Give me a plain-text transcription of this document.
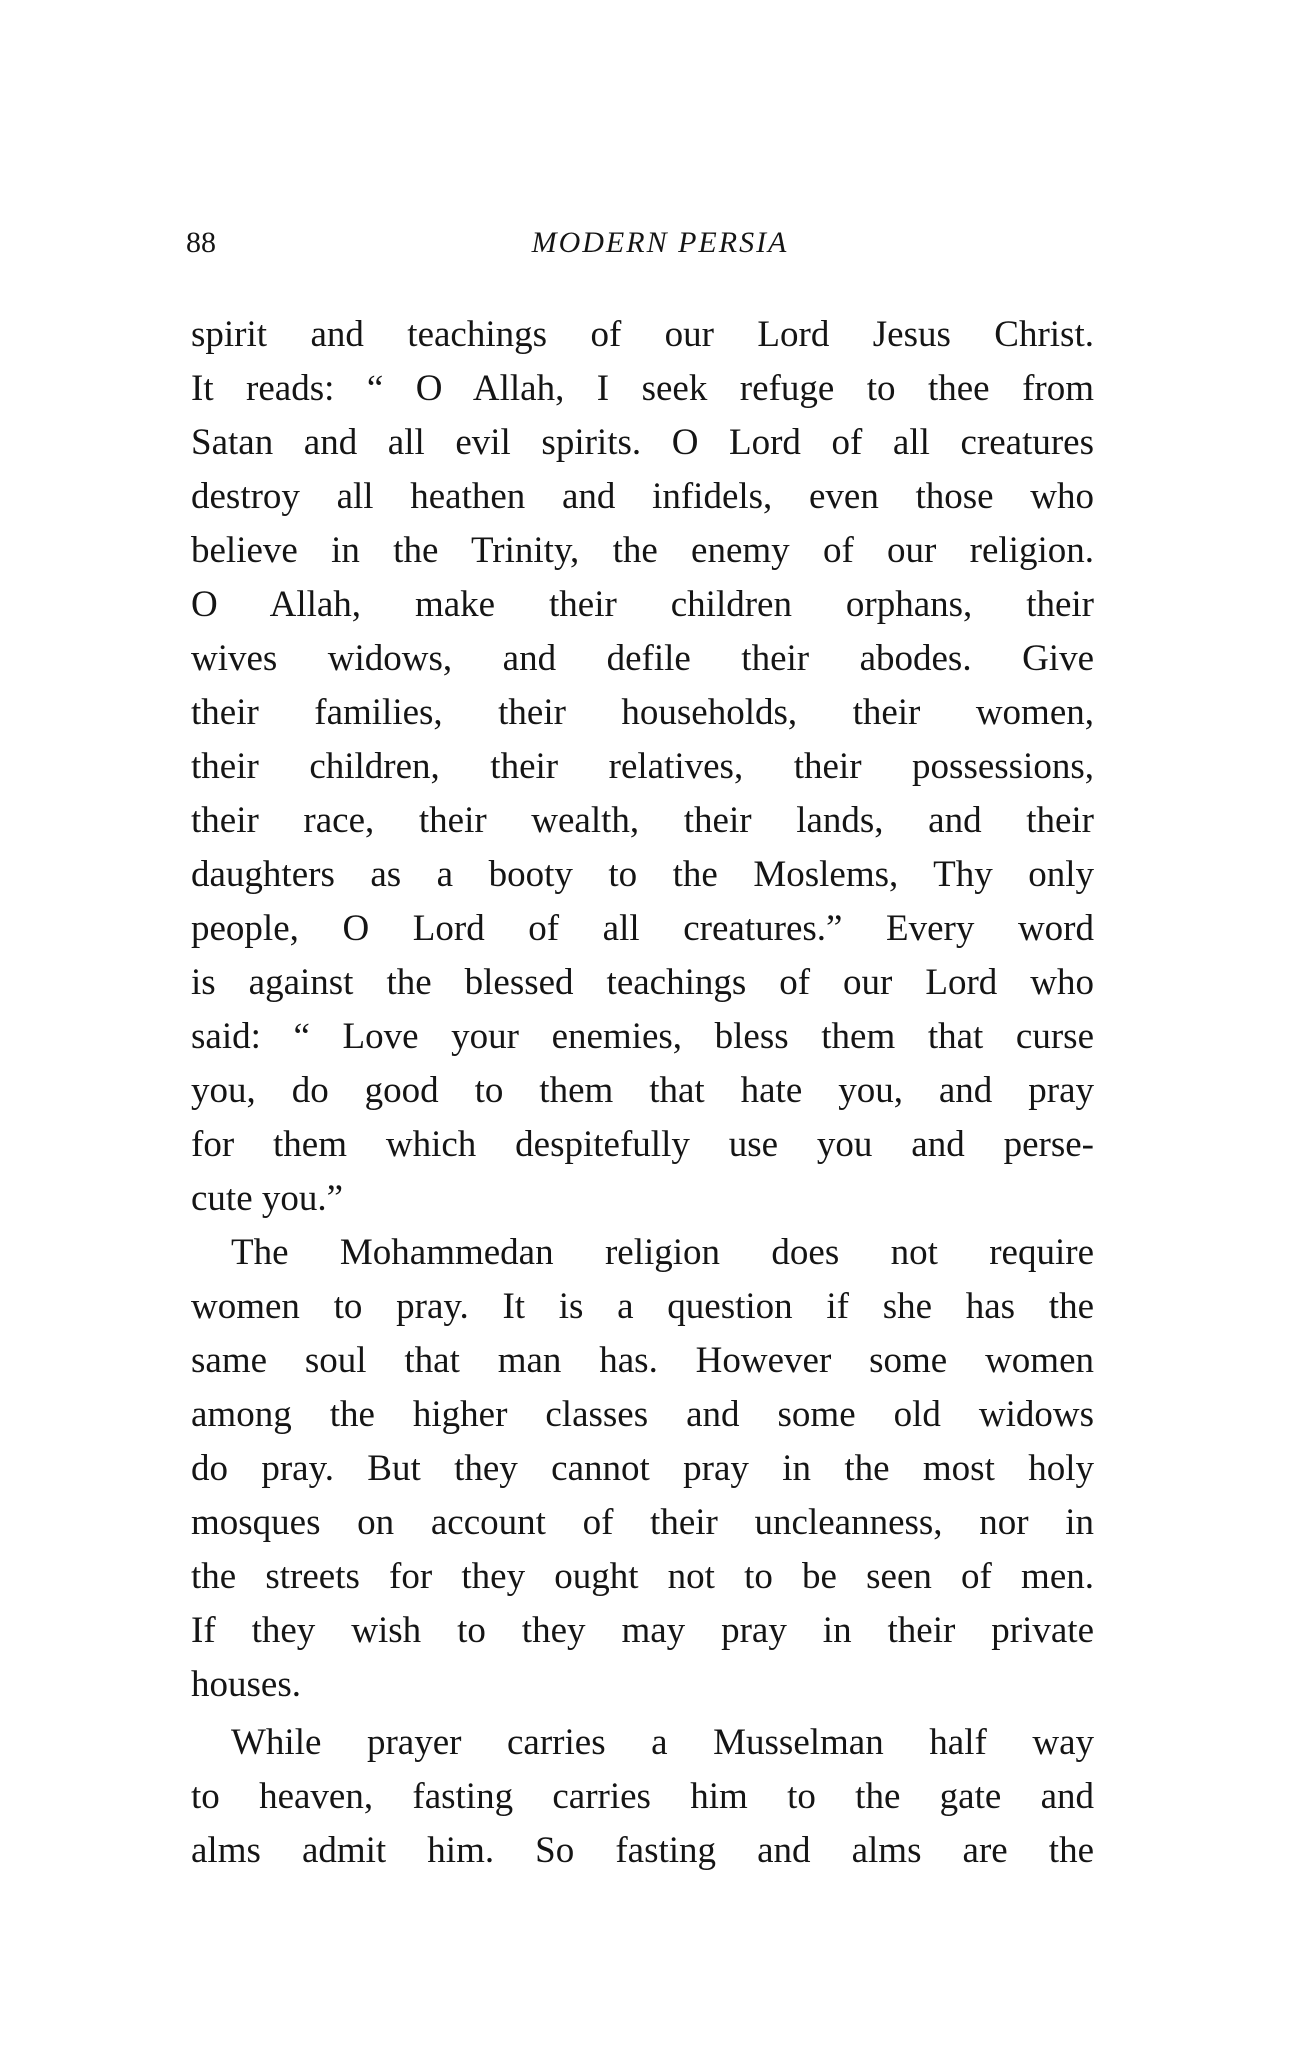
88	MODERN PERSIA
spirit and teachings of our Lord Jesus Christ.
It reads: “ O Allah, I seek refuge to thee from
Satan and all evil spirits. O Lord of all creatures
destroy all heathen and infidels, even those who
believe in the Trinity, the enemy of our religion.
O Allah, make their children orphans, their
wives widows, and defile their abodes. Give
their families, their households, their women,
their children, their relatives, their possessions,
their race, their wealth, their lands, and their
daughters as a booty to the Moslems, Thy only
people, O Lord of all creatures.” Every word
is against the blessed teachings of our Lord who
said: “ Love your enemies, bless them that curse
you, do good to them that hate you, and pray
for them which despitefully use you and perse-
cute you.”
The Mohammedan religion does not require
women to pray. It is a question if she has the
same soul that man has. However some women
among the higher classes and some old widows
do pray. But they cannot pray in the most holy
mosques on account of their uncleanness, nor in
the streets for they ought not to be seen of men.
If they wish to they may pray in their private
houses.
While prayer carries a Musselman half way
to heaven, fasting carries him to the gate and
alms admit him. So fasting and alms are the
